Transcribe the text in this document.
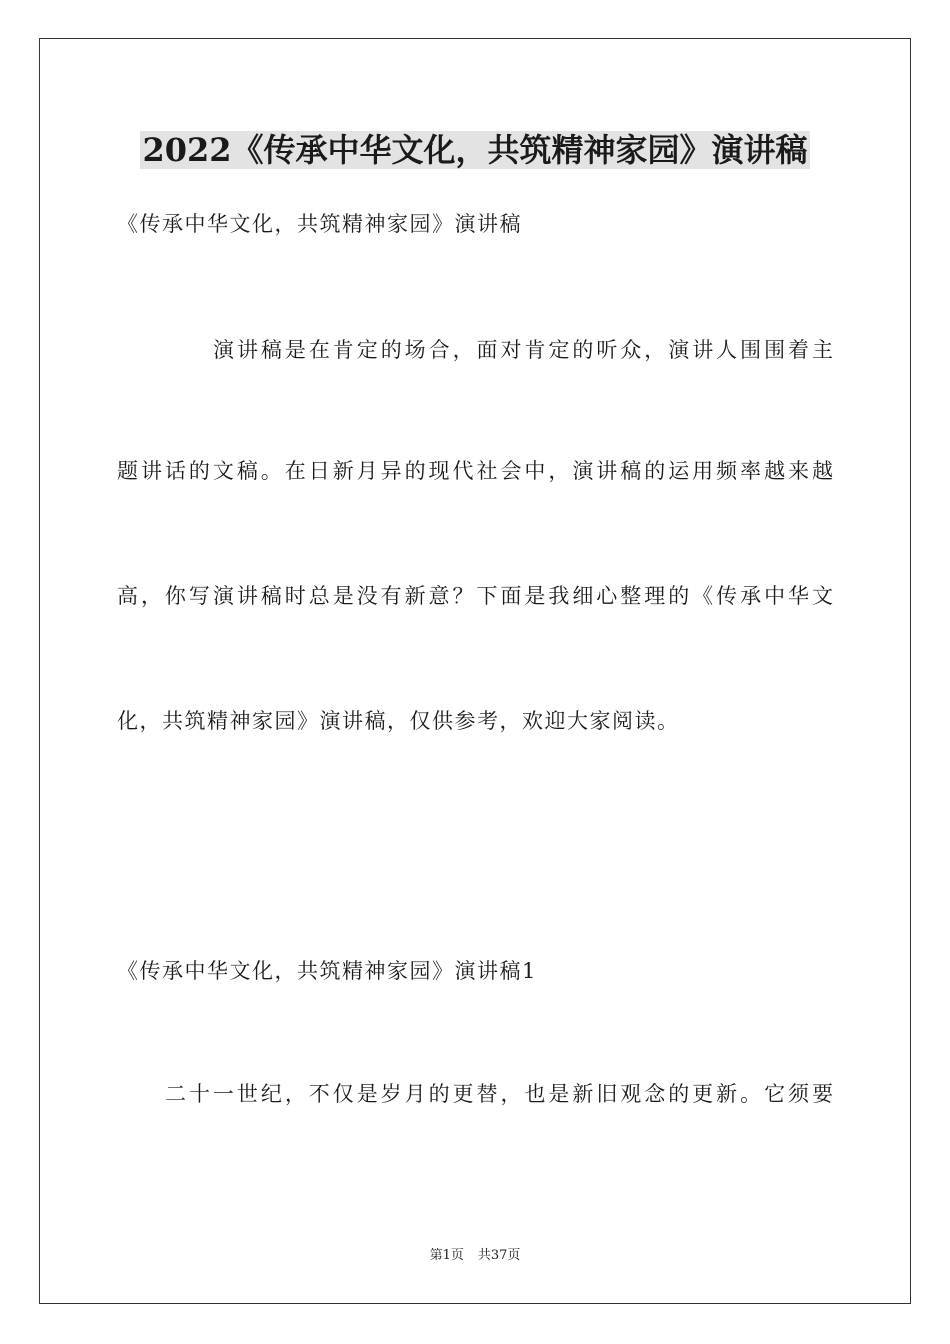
2022《传承中华文化，共筑精神家园》演讲稿
《传承中华文化，共筑精神家园》演讲稿
演讲稿是在肯定的场合，面对肯定的听众，演讲人围围着主
题讲话的文稿。在日新月异的现代社会中，演讲稿的运用频率越来越
高，你写演讲稿时总是没有新意？下面是我细心整理的《传承中华文
化，共筑精神家园》演讲稿，仅供参考，欢迎大家阅读。
《传承中华文化，共筑精神家园》演讲稿1
二十一世纪，不仅是岁月的更替，也是新旧观念的更新。它须要
第1页 共37页
